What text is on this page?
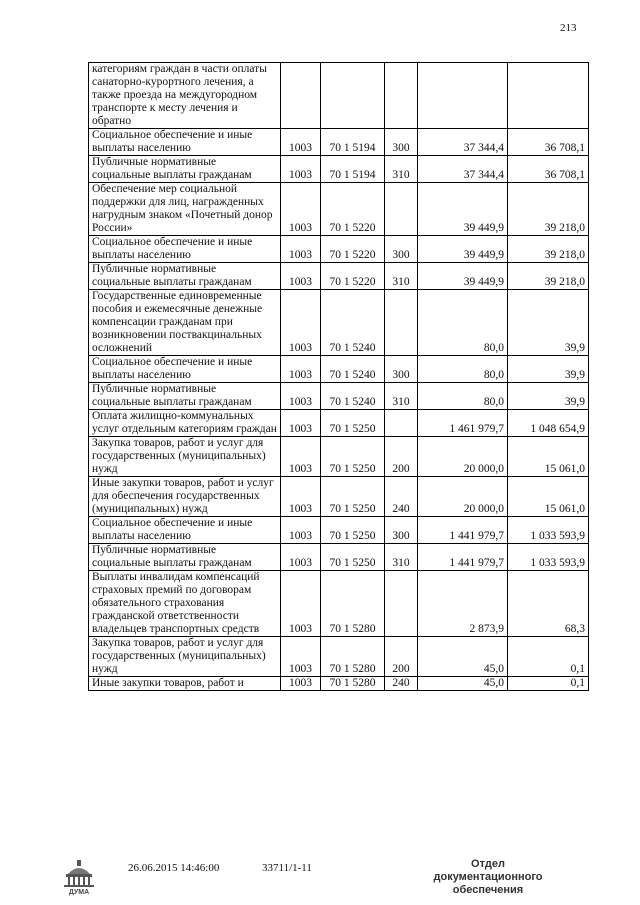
213
категориям граждан в части оплаты санаторно-курортного лечения, а также проезда на междугородном транспорте к месту лечения и обратно					
Социальное обеспечение и иные выплаты населению	1003	70 1 5194	300	37 344,4	36 708,1
Публичные нормативные социальные выплаты гражданам	1003	70 1 5194	310	37 344,4	36 708,1
Обеспечение мер социальной поддержки для лиц, награжденных нагрудным знаком «Почетный донор России»	1003	70 1 5220		39 449,9	39 218,0
Социальное обеспечение и иные выплаты населению	1003	70 1 5220	300	39 449,9	39 218,0
Публичные нормативные социальные выплаты гражданам	1003	70 1 5220	310	39 449,9	39 218,0
Государственные единовременные пособия и ежемесячные денежные компенсации гражданам при возникновении поствакцинальных осложнений	1003	70 1 5240		80,0	39,9
Социальное обеспечение и иные выплаты населению	1003	70 1 5240	300	80,0	39,9
Публичные нормативные социальные выплаты гражданам	1003	70 1 5240	310	80,0	39,9
Оплата жилищно-коммунальных услуг отдельным категориям граждан	1003	70 1 5250		1 461 979,7	1 048 654,9
Закупка товаров, работ и услуг для государственных (муниципальных) нужд	1003	70 1 5250	200	20 000,0	15 061,0
Иные закупки товаров, работ и услуг для обеспечения государственных (муниципальных) нужд	1003	70 1 5250	240	20 000,0	15 061,0
Социальное обеспечение и иные выплаты населению	1003	70 1 5250	300	1 441 979,7	1 033 593,9
Публичные нормативные социальные выплаты гражданам	1003	70 1 5250	310	1 441 979,7	1 033 593,9
Выплаты инвалидам компенсаций страховых премий по договорам обязательного страхования гражданской ответственности владельцев транспортных средств	1003	70 1 5280		2 873,9	68,3
Закупка товаров, работ и услуг для государственных (муниципальных) нужд	1003	70 1 5280	200	45,0	0,1
Иные закупки товаров, работ и	1003	70 1 5280	240	45,0	0,1
ДУМА
26.06.2015 14:46:00	33711/1-11	Отдел документационного
обеспечения
